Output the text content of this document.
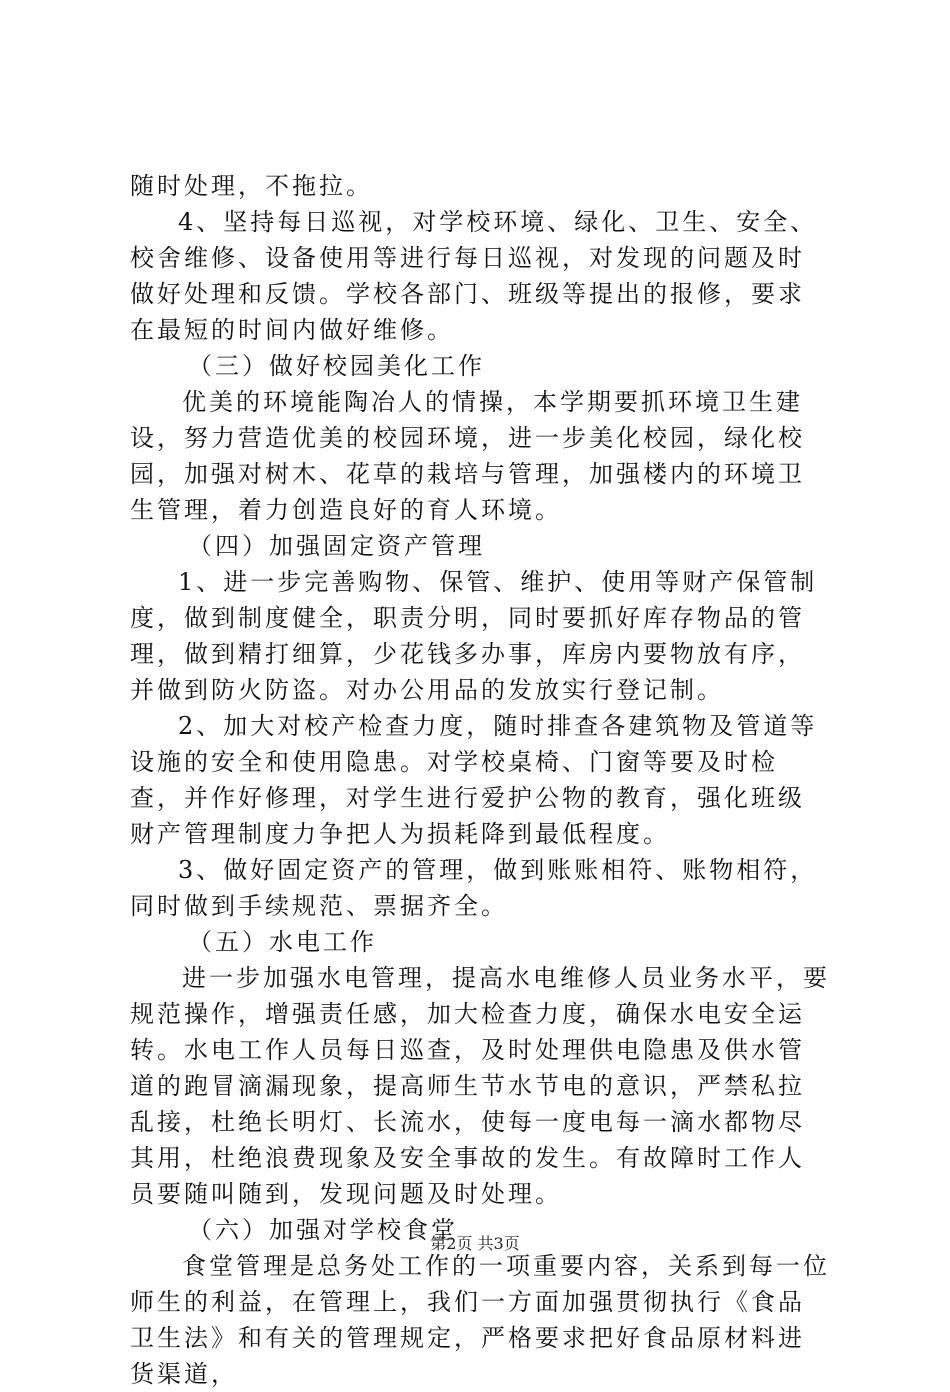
随时处理，不拖拉。

4、坚持每日巡视，对学校环境、绿化、卫生、安全、校舍维修、设备使用等进行每日巡视，对发现的问题及时做好处理和反馈。学校各部门、班级等提出的报修，要求在最短的时间内做好维修。

（三）做好校园美化工作

优美的环境能陶冶人的情操，本学期要抓环境卫生建设，努力营造优美的校园环境，进一步美化校园，绿化校园，加强对树木、花草的栽培与管理，加强楼内的环境卫生管理，着力创造良好的育人环境。

（四）加强固定资产管理

1、进一步完善购物、保管、维护、使用等财产保管制度，做到制度健全，职责分明，同时要抓好库存物品的管理，做到精打细算，少花钱多办事，库房内要物放有序，并做到防火防盗。对办公用品的发放实行登记制。

2、加大对校产检查力度，随时排查各建筑物及管道等设施的安全和使用隐患。对学校桌椅、门窗等要及时检查，并作好修理，对学生进行爱护公物的教育，强化班级财产管理制度力争把人为损耗降到最低程度。

3、做好固定资产的管理，做到账账相符、账物相符，同时做到手续规范、票据齐全。

（五）水电工作

进一步加强水电管理，提高水电维修人员业务水平，要规范操作，增强责任感，加大检查力度，确保水电安全运转。水电工作人员每日巡查，及时处理供电隐患及供水管道的跑冒滴漏现象，提高师生节水节电的意识，严禁私拉乱接，杜绝长明灯、长流水，使每一度电每一滴水都物尽其用，杜绝浪费现象及安全事故的发生。有故障时工作人员要随叫随到，发现问题及时处理。

（六）加强对学校食堂

食堂管理是总务处工作的一项重要内容，关系到每一位师生的利益，在管理上，我们一方面加强贯彻执行《食品卫生法》和有关的管理规定，严格要求把好食品原材料进货渠道，

第2页 共3页
